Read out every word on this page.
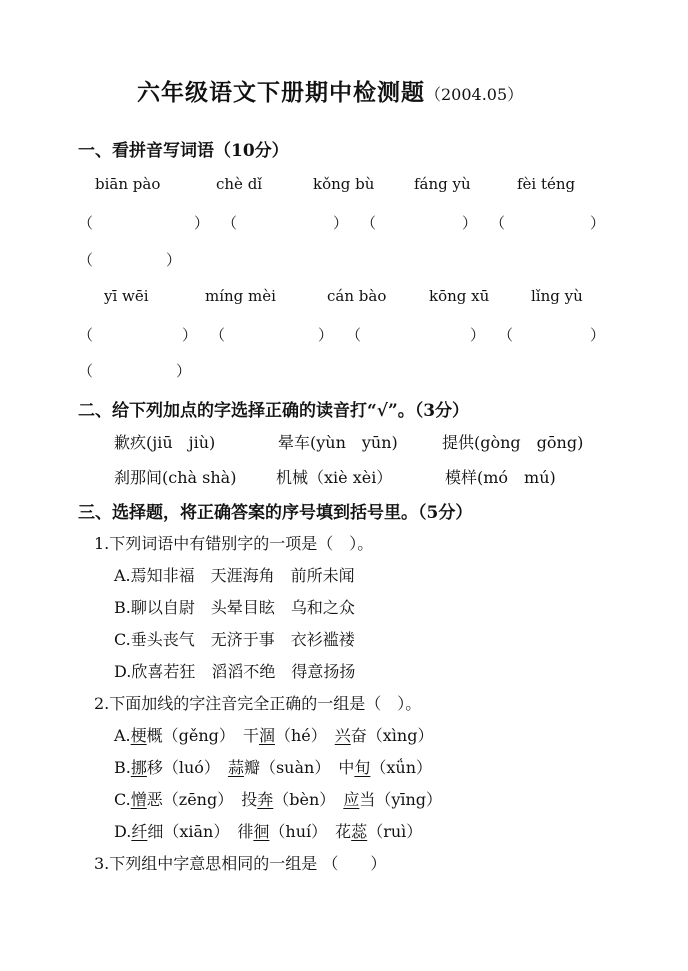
六年级语文下册期中检测题（2004.05）
一、看拼音写词语（10分）
biān pào	chè dǐ	kǒng bù	fáng yù	fèi téng
（	） （	） （	） （	）
（	）
yī wēi	míng mèi	cán bào	kōng xū	lǐng yù
（	） （	） （	） （	）
（	）
二、给下列加点的字选择正确的读音打“√”。（3分）
歉疚(jiū　jiù)	晕车(yùn　yūn)	提供(gòng　gōng)
刹那间(chà shà) 机械（xiè xèi）	模样(mó　mú)
三、选择题，将正确答案的序号填到括号里。（5分）
1.下列词语中有错别字的一项是（　）。
A.焉知非福　天涯海角　前所未闻
B.聊以自尉　头晕目眩　乌和之众
C.垂头丧气　无济于事　衣衫褴褛
D.欣喜若狂　滔滔不绝　得意扬扬
2.下面加线的字注音完全正确的一组是（　）。
A.梗概（gěng）　 干涸（hé）　 兴奋（xìng）
B.挪移（luó）　 蒜瓣（suàn）　 中旬（xǘn）
C.憎恶（zēng）　 投奔（bèn）　 应当（yīng）
D.纤细（xiān）　 徘徊（huí）　 花蕊（ruì）
3.下列组中字意思相同的一组是 （　　）
